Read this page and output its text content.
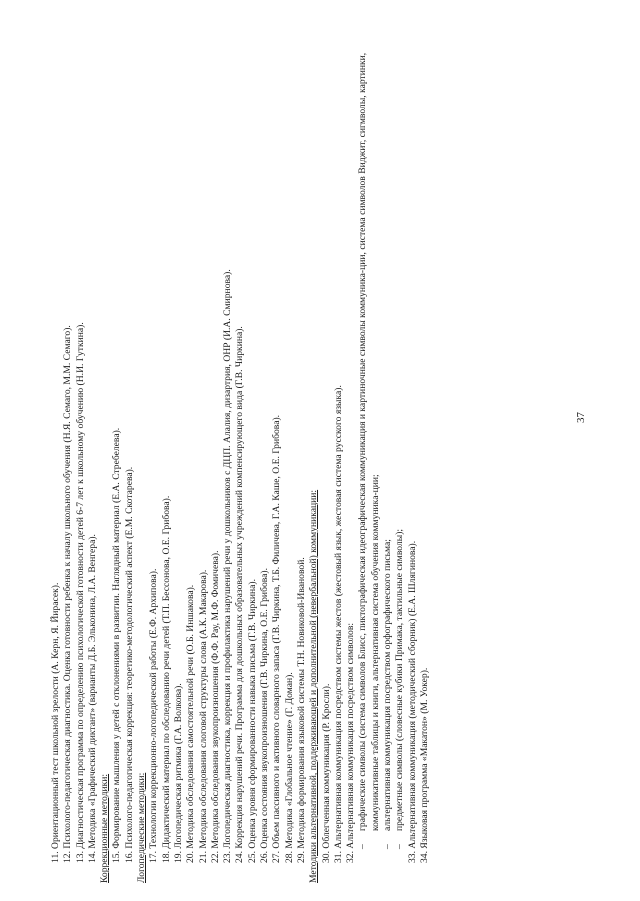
37
11. Ориентационный тест школьной зрелости (А. Керн, Я. Йирасек). 12. Психолого-педагогическая диагностика. Оценка готовности ребенка к началу школьного обучения (Н.Я. Семаго, М.М. Семаго). 13. Диагностическая программа по определению психологической готовности детей 6-7 лет к школьному обучению (Н.И. Гуткина). 14. Методика «Графический диктант» (варианты Д.Б. Эльконина, Л.А. Венгера). Коррекционные методики: 15. Формирование мышления у детей с отклонениями в развитии. Наглядный материал (Е.А. Стребелева). 16. Психолого-педагогическая коррекция: теоретико-методологический аспект (Е.М. Скотарева). Логопедические методики: 17. Технологии коррекционно-логопедической работы (Е.Ф. Архипова). 18. Дидактический материал по обследованию речи детей (Т.П. Бессонова, О.Е. Грибова). 19. Логопедическая ритмика (Г.А. Волкова). 20. Методика обследования самостоятельной речи (О.Б. Иншакова). 21. Методика обследования слоговой структуры слова (А.К. Макарова). 22. Методика обследования звукопроизношения (Ф.Ф. Рау, М.Ф. Фомичева). 23. Логопедическая диагностика, коррекция и профилактика нарушений речи у дошкольников с ДЦП. Алалия, дизартрия, ОНР (И.А. Смирнова). 24. Коррекция нарушений речи. Программа для дошкольных образовательных учреждений компенсирующего вида (Г.В. Чиркина). 25. Оценка уровня сформированности навыка письма (Г.В. Чиркина). 26. Оценка состояния звукопроизношения (Г.В. Чиркина, О.Е. Грибова). 27. Объем пассивного и активного словарного запаса (Г.В. Чиркина, Т.Б. Филичева, Г.А. Каше, О.Е. Грибова). 28. Методика «Глобальное чтение» (Г. Доман). 29. Методика формирования языковой системы Т.Н. Новиковой-Ивановой. Методики альтернативной, поддерживающей и дополнительной (невербальной) коммуникации: 30. Облегченная коммуникация (Р. Кросли). 31. Альтернативная коммуникация посредством системы жестов (жестовый язык, жестовая система русского языка). 32. Альтернативная коммуникация посредством символов: –
графические символы (система символов Блисс, пиктографическая идеографическая коммуникация и картиночные символы коммуника-ции, система символов Виджит, сигмволы, картинки, коммуникативные таблицы и книги, альтернативная система обучения коммуника-ции;
–
альтернативная коммуникация посредством орфографического письма;
–
предметные символы (словесные кубики Примака, тактильные символы); 33. Альтернативная коммуникация (методический сборник) (Е.А. Шлягинова). 34. Языковая программа «Макатон» (М. Уокер).
